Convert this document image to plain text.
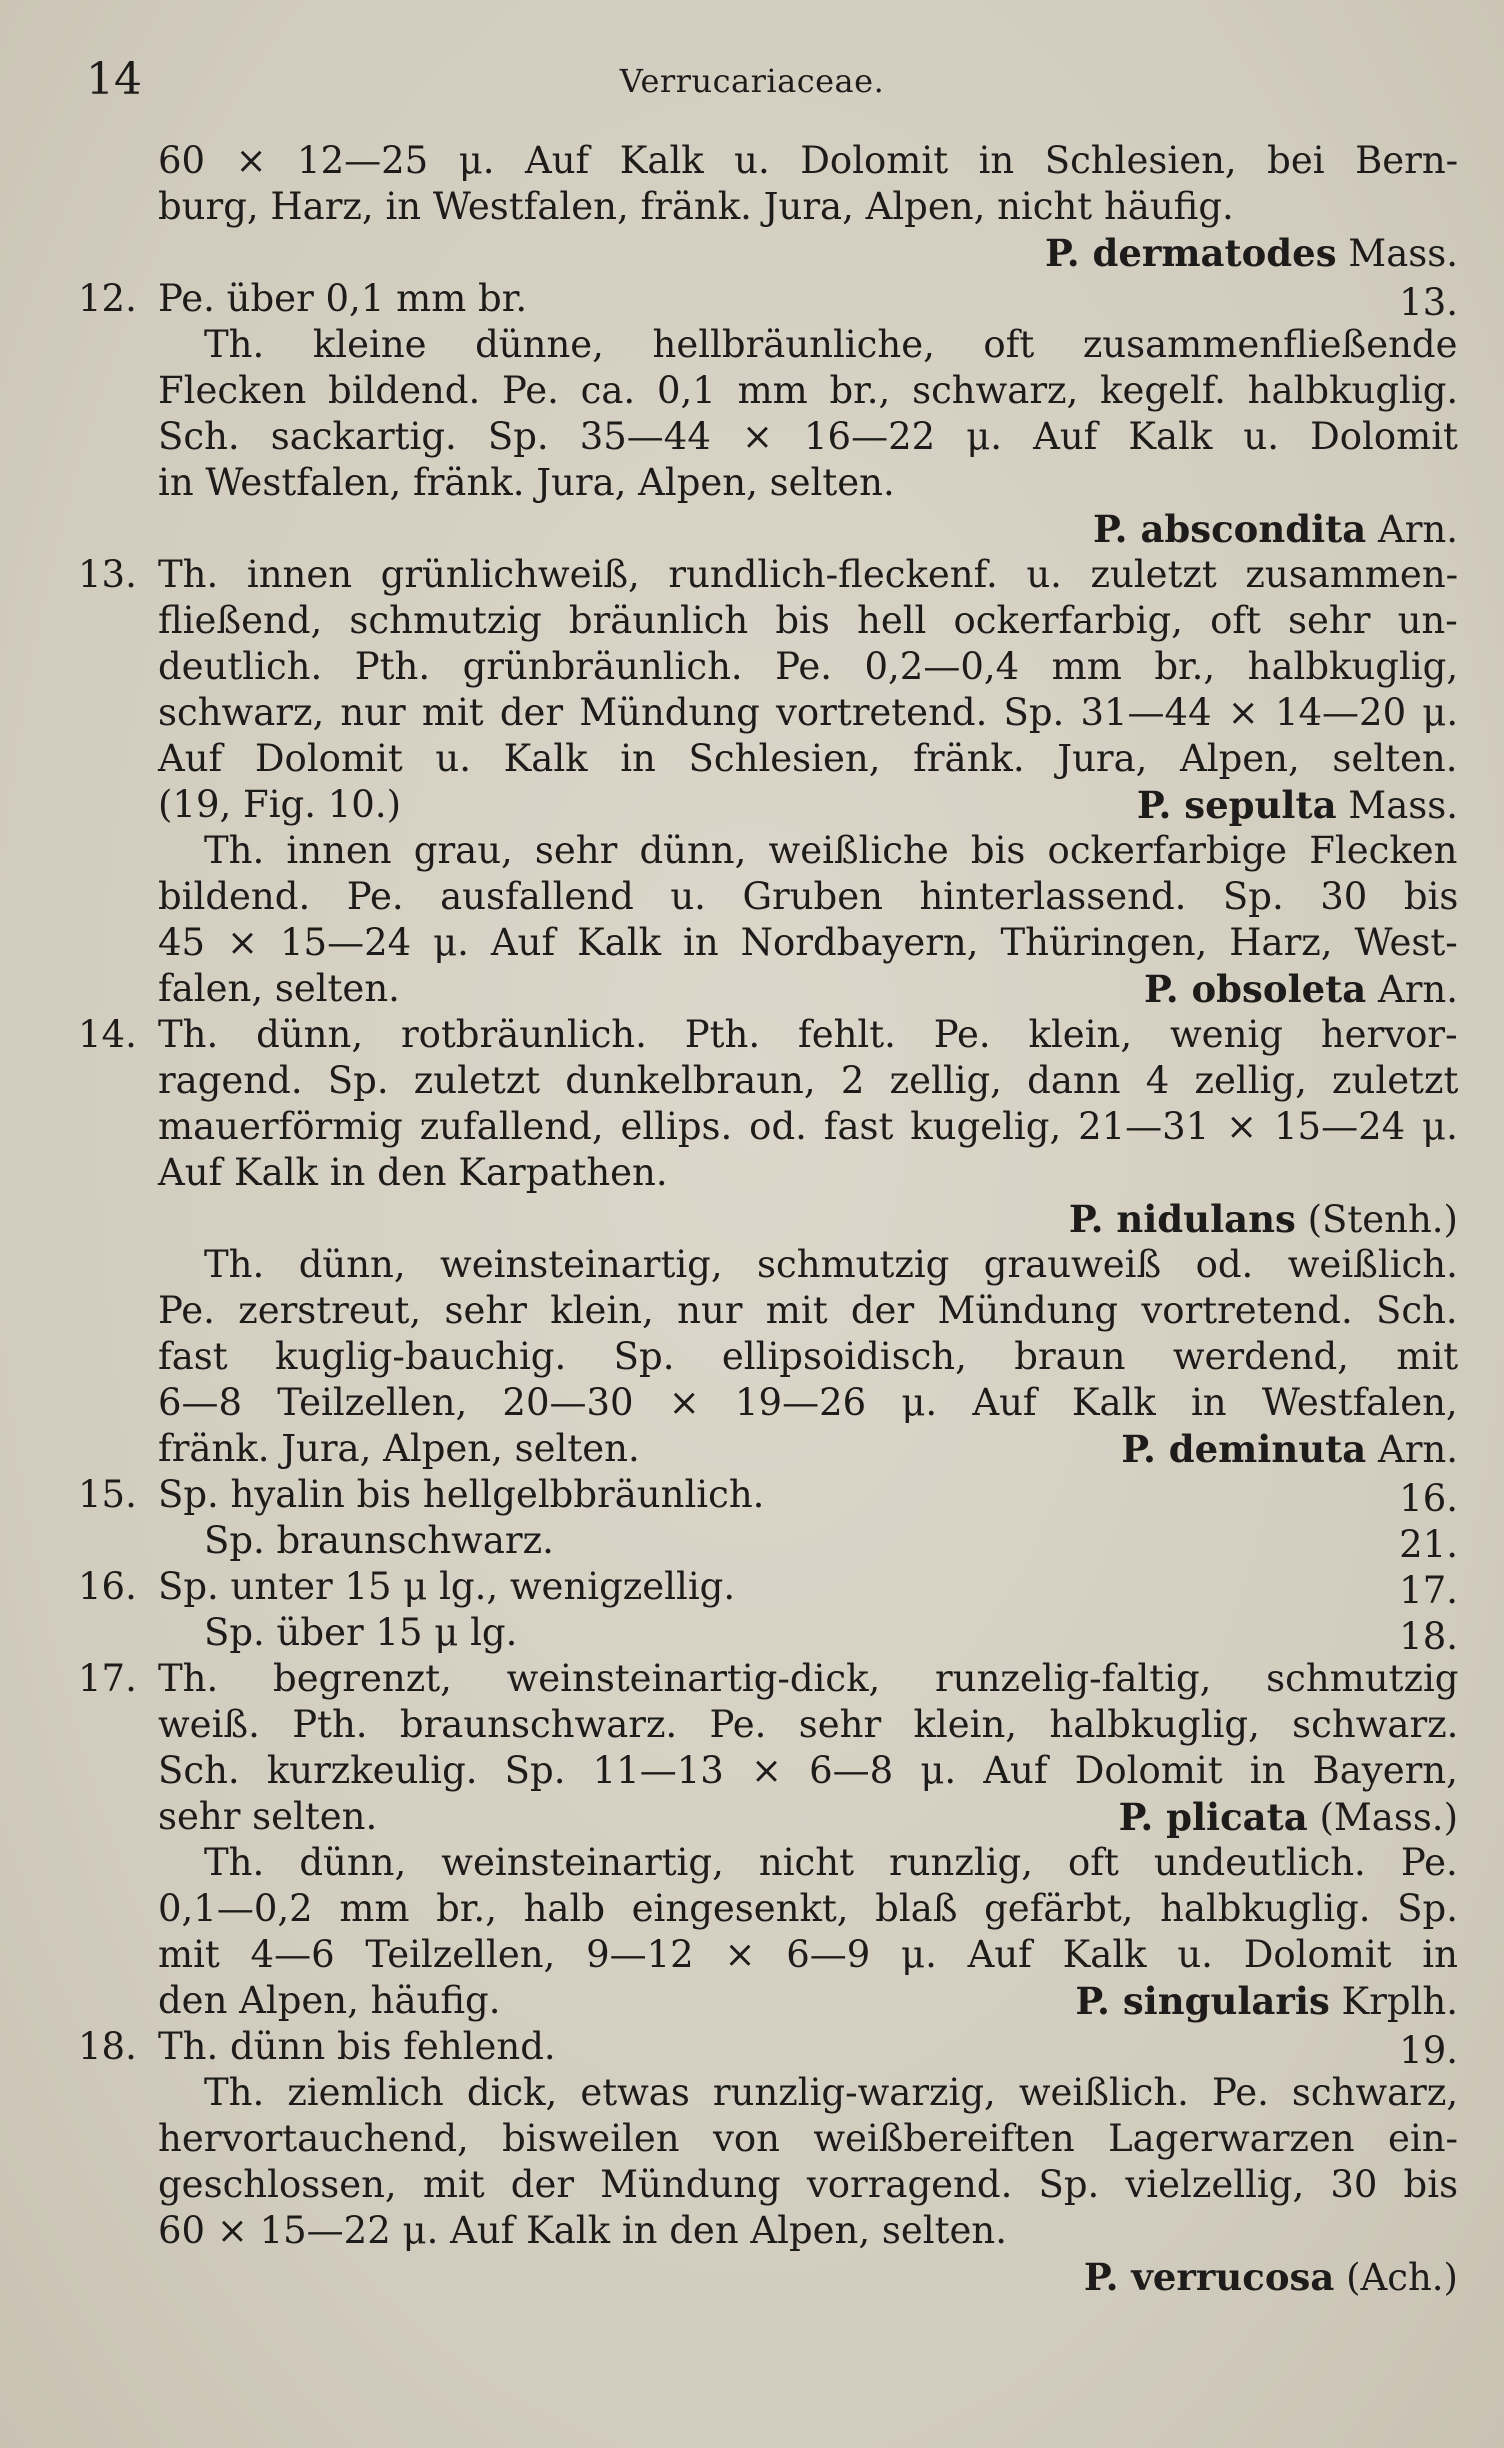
14	Verrucariaceae.
60 × 12—25 μ. Auf Kalk u. Dolomit in Schlesien, bei Bern-
burg, Harz, in Westfalen, fränk. Jura, Alpen, nicht häufig.
P. dermatodes Mass.
12. Pe. über 0,1 mm br.	13.
Th. kleine dünne, hellbräunliche, oft zusammenfließende
Flecken bildend. Pe. ca. 0,1 mm br., schwarz, kegelf. halbkuglig.
Sch. sackartig. Sp. 35—44 × 16—22 μ. Auf Kalk u. Dolomit
in Westfalen, fränk. Jura, Alpen, selten.
P. abscondita Arn.
13. Th. innen grünlichweiß, rundlich-fleckenf. u. zuletzt zusammen-
fließend, schmutzig bräunlich bis hell ockerfarbig, oft sehr un-
deutlich. Pth. grünbräunlich. Pe. 0,2—0,4 mm br., halbkuglig,
schwarz, nur mit der Mündung vortretend. Sp. 31—44 × 14—20 μ.
Auf Dolomit u. Kalk in Schlesien, fränk. Jura, Alpen, selten.
(19, Fig. 10.)	P. sepulta Mass.
Th. innen grau, sehr dünn, weißliche bis ockerfarbige Flecken
bildend. Pe. ausfallend u. Gruben hinterlassend. Sp. 30 bis
45 × 15—24 μ. Auf Kalk in Nordbayern, Thüringen, Harz, West-
falen, selten.	P. obsoleta Arn.
14. Th. dünn, rotbräunlich. Pth. fehlt. Pe. klein, wenig hervor-
ragend. Sp. zuletzt dunkelbraun, 2 zellig, dann 4 zellig, zuletzt
mauerförmig zufallend, ellips. od. fast kugelig, 21—31 × 15—24 μ.
Auf Kalk in den Karpathen.
P. nidulans (Stenh.)
Th. dünn, weinsteinartig, schmutzig grauweiß od. weißlich.
Pe. zerstreut, sehr klein, nur mit der Mündung vortretend. Sch.
fast kuglig-bauchig. Sp. ellipsoidisch, braun werdend, mit
6—8 Teilzellen, 20—30 × 19—26 μ. Auf Kalk in Westfalen,
fränk. Jura, Alpen, selten.	P. deminuta Arn.
15. Sp. hyalin bis hellgelbbräunlich.	16.
Sp. braunschwarz.	21.
16. Sp. unter 15 μ lg., wenigzellig.	17.
Sp. über 15 μ lg.	18.
17. Th. begrenzt, weinsteinartig-dick, runzelig-faltig, schmutzig
weiß. Pth. braunschwarz. Pe. sehr klein, halbkuglig, schwarz.
Sch. kurzkeulig. Sp. 11—13 × 6—8 μ. Auf Dolomit in Bayern,
sehr selten.	P. plicata (Mass.)
Th. dünn, weinsteinartig, nicht runzlig, oft undeutlich. Pe.
0,1—0,2 mm br., halb eingesenkt, blaß gefärbt, halbkuglig. Sp.
mit 4—6 Teilzellen, 9—12 × 6—9 μ. Auf Kalk u. Dolomit in
den Alpen, häufig.	P. singularis Krplh.
18. Th. dünn bis fehlend.	19.
Th. ziemlich dick, etwas runzlig-warzig, weißlich. Pe. schwarz,
hervortauchend, bisweilen von weißbereiften Lagerwarzen ein-
geschlossen, mit der Mündung vorragend. Sp. vielzellig, 30 bis
60 × 15—22 μ. Auf Kalk in den Alpen, selten.
P. verrucosa (Ach.)
